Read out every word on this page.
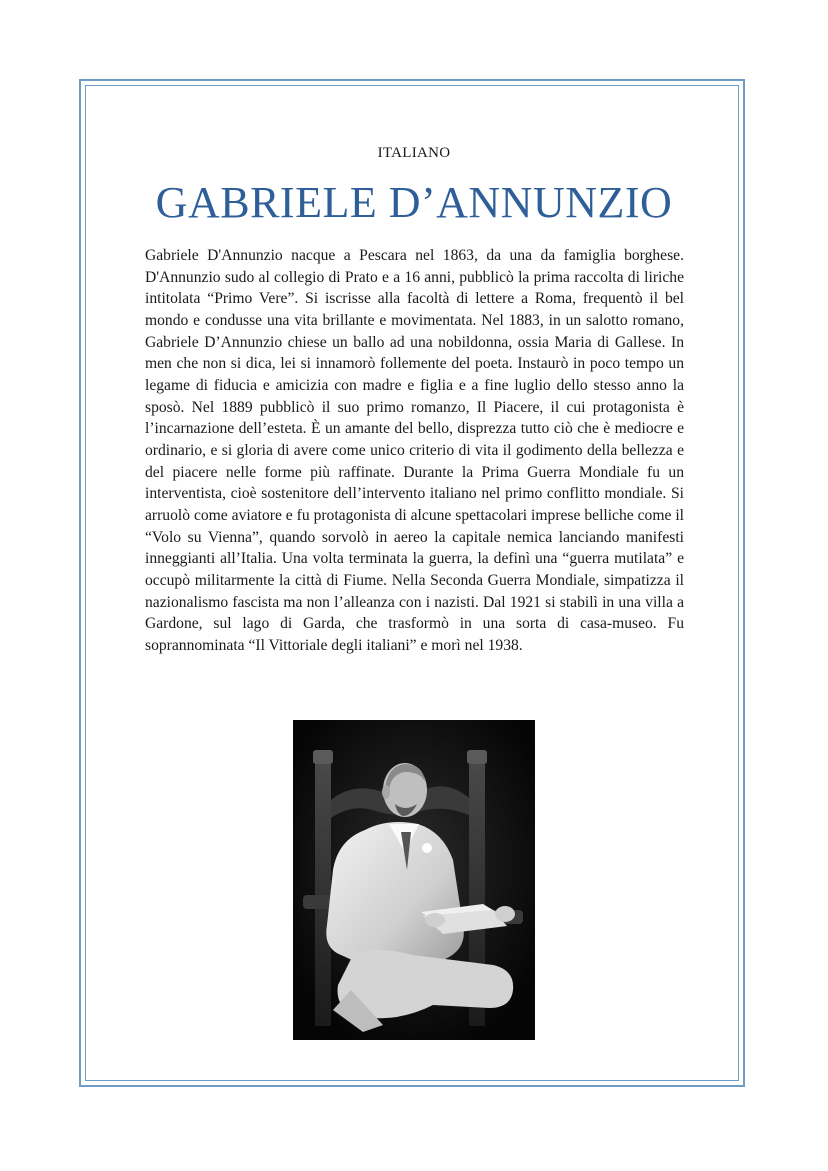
ITALIANO
GABRIELE D’ANNUNZIO

Gabriele D'Annunzio nacque a Pescara nel 1863, da una da famiglia borghese. D'Annunzio sudo al collegio di Prato e a 16 anni, pubblicò la prima raccolta di liriche intitolata “Primo Vere”. Si iscrisse alla facoltà di lettere a Roma, frequentò il bel mondo e condusse una vita brillante e movimentata. Nel 1883, in un salotto romano, Gabriele D’Annunzio chiese un ballo ad una nobildonna, ossia Maria di Gallese. In men che non si dica, lei si innamorò follemente del poeta. Instaurò in poco tempo un legame di fiducia e amicizia con madre e figlia e a fine luglio dello stesso anno la sposò. Nel 1889 pubblicò il suo primo romanzo, Il Piacere, il cui protagonista è l’incarnazione dell’esteta. È un amante del bello, disprezza tutto ciò che è mediocre e ordinario, e si gloria di avere come unico criterio di vita il godimento della bellezza e del piacere nelle forme più raffinate. Durante la Prima Guerra Mondiale fu un interventista, cioè sostenitore dell’intervento italiano nel primo conflitto mondiale. Si arruolò come aviatore e fu protagonista di alcune spettacolari imprese belliche come il “Volo su Vienna”, quando sorvolò in aereo la capitale nemica lanciando manifesti inneggianti all’Italia. Una volta terminata la guerra, la definì una “guerra mutilata” e occupò militarmente la città di Fiume. Nella Seconda Guerra Mondiale, simpatizza il nazionalismo fascista ma non l’alleanza con i nazisti. Dal 1921 si stabilì in una villa a Gardone, sul lago di Garda, che trasformò in una sorta di casa-museo. Fu soprannominata “Il Vittoriale degli italiani” e morì nel 1938.
